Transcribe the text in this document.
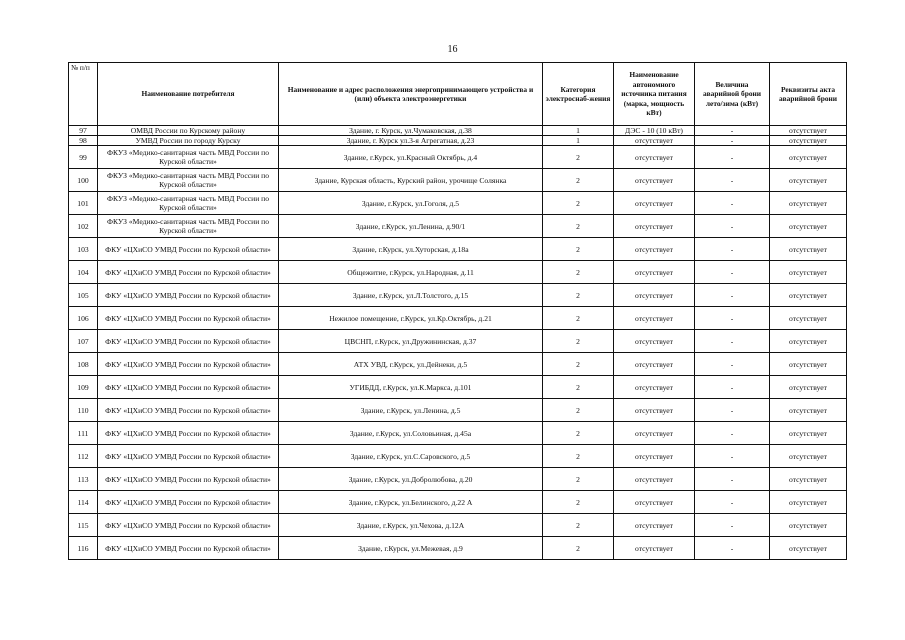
16
№ п/п	Наименование потребителя	Наименование и адрес расположения энергопринимающего устройства и (или) объекта электроэнергетики	Категория электроснаб-жения	Наименование автономного источника питания (марка, мощность кВт)	Величина аварийной брони лето/зима (кВт)	Реквизиты акта аварийной брони
97	ОМВД России по Курскому району	Здание, г. Курск, ул.Чумаковская, д.38	1	ДЭС - 10 (10 кВт)	-	отсутствует
98	УМВД России по городу Курску	Здание, г. Курск ул.3-я Агрегатная, д.23	1	отсутствует	-	отсутствует
99	ФКУЗ «Медико-санитарная часть МВД России по Курской области»	Здание, г.Курск, ул.Красный Октябрь, д.4	2	отсутствует	-	отсутствует
100	ФКУЗ «Медико-санитарная часть МВД России по Курской области»	Здание, Курская область, Курский район, урочище Солянка	2	отсутствует	-	отсутствует
101	ФКУЗ «Медико-санитарная часть МВД России по Курской области»	Здание, г.Курск, ул.Гоголя, д.5	2	отсутствует	-	отсутствует
102	ФКУЗ «Медико-санитарная часть МВД России по Курской области»	Здание, г.Курск, ул.Ленина, д.90/1	2	отсутствует	-	отсутствует
103	ФКУ «ЦХиСО УМВД России по Курской области»	Здание, г.Курск, ул.Хуторская, д.18а	2	отсутствует	-	отсутствует
104	ФКУ «ЦХиСО УМВД России по Курской области»	Общежитие, г.Курск, ул.Народная, д.11	2	отсутствует	-	отсутствует
105	ФКУ «ЦХиСО УМВД России по Курской области»	Здание, г.Курск, ул.Л.Толстого, д.15	2	отсутствует	-	отсутствует
106	ФКУ «ЦХиСО УМВД России по Курской области»	Нежилое помещение, г.Курск, ул.Кр.Октябрь, д.21	2	отсутствует	-	отсутствует
107	ФКУ «ЦХиСО УМВД России по Курской области»	ЦВСНП, г.Курск, ул.Дружининская, д.37	2	отсутствует	-	отсутствует
108	ФКУ «ЦХиСО УМВД России по Курской области»	АТХ УВД, г.Курск, ул.Дейнеки, д.5	2	отсутствует	-	отсутствует
109	ФКУ «ЦХиСО УМВД России по Курской области»	УГИБДД, г.Курск, ул.К.Маркса, д.101	2	отсутствует	-	отсутствует
110	ФКУ «ЦХиСО УМВД России по Курской области»	Здание, г.Курск, ул.Ленина, д.5	2	отсутствует	-	отсутствует
111	ФКУ «ЦХиСО УМВД России по Курской области»	Здание, г.Курск, ул.Соловьиная, д.45а	2	отсутствует	-	отсутствует
112	ФКУ «ЦХиСО УМВД России по Курской области»	Здание, г.Курск, ул.С.Саровского, д.5	2	отсутствует	-	отсутствует
113	ФКУ «ЦХиСО УМВД России по Курской области»	Здание, г.Курск, ул.Добролюбова, д.20	2	отсутствует	-	отсутствует
114	ФКУ «ЦХиСО УМВД России по Курской области»	Здание, г.Курск, ул.Белинского, д.22 А	2	отсутствует	-	отсутствует
115	ФКУ «ЦХиСО УМВД России по Курской области»	Здание, г.Курск, ул.Чехова, д.12А	2	отсутствует	-	отсутствует
116	ФКУ «ЦХиСО УМВД России по Курской области»	Здание, г.Курск, ул.Межевая, д.9	2	отсутствует	-	отсутствует
